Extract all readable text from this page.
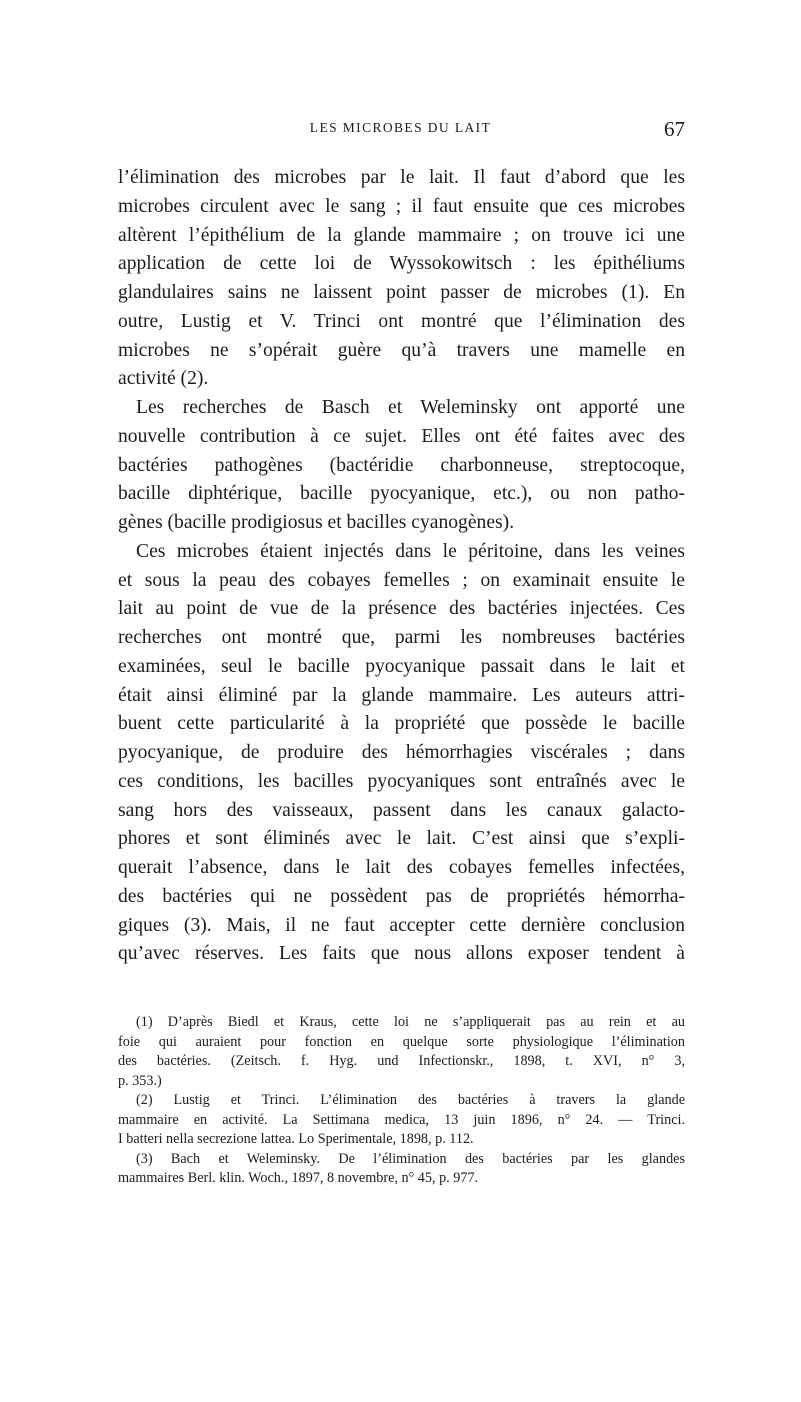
LES MICROBES DU LAIT	67
l’élimination des microbes par le lait. Il faut d’abord que les
microbes circulent avec le sang ; il faut ensuite que ces microbes
altèrent l’épithélium de la glande mammaire ; on trouve ici une
application de cette loi de Wyssokowitsch : les épithéliums
glandulaires sains ne laissent point passer de microbes (1). En
outre, Lustig et V. Trinci ont montré que l’élimination des
microbes ne s’opérait guère qu’à travers une mamelle en
activité (2).
Les recherches de Basch et Weleminsky ont apporté une
nouvelle contribution à ce sujet. Elles ont été faites avec des
bactéries pathogènes (bactéridie charbonneuse, streptocoque,
bacille diphtérique, bacille pyocyanique, etc.), ou non patho-
gènes (bacille prodigiosus et bacilles cyanogènes).
Ces microbes étaient injectés dans le péritoine, dans les veines
et sous la peau des cobayes femelles ; on examinait ensuite le
lait au point de vue de la présence des bactéries injectées. Ces
recherches ont montré que, parmi les nombreuses bactéries
examinées, seul le bacille pyocyanique passait dans le lait et
était ainsi éliminé par la glande mammaire. Les auteurs attri-
buent cette particularité à la propriété que possède le bacille
pyocyanique, de produire des hémorrhagies viscérales ; dans
ces conditions, les bacilles pyocyaniques sont entraînés avec le
sang hors des vaisseaux, passent dans les canaux galacto-
phores et sont éliminés avec le lait. C’est ainsi que s’expli-
querait l’absence, dans le lait des cobayes femelles infectées,
des bactéries qui ne possèdent pas de propriétés hémorrha-
giques (3). Mais, il ne faut accepter cette dernière conclusion
qu’avec réserves. Les faits que nous allons exposer tendent à
(1) D’après Biedl et Kraus, cette loi ne s’appliquerait pas au rein et au
foie qui auraient pour fonction en quelque sorte physiologique l’élimination
des bactéries. (Zeitsch. f. Hyg. und Infectionskr., 1898, t. XVI, n° 3,
p. 353.)
(2) Lustig et Trinci. L’élimination des bactéries à travers la glande
mammaire en activité. La Settimana medica, 13 juin 1896, n° 24. — Trinci.
I batteri nella secrezione lattea. Lo Sperimentale, 1898, p. 112.
(3) Bach et Weleminsky. De l’élimination des bactéries par les glandes
mammaires Berl. klin. Woch., 1897, 8 novembre, n° 45, p. 977.
